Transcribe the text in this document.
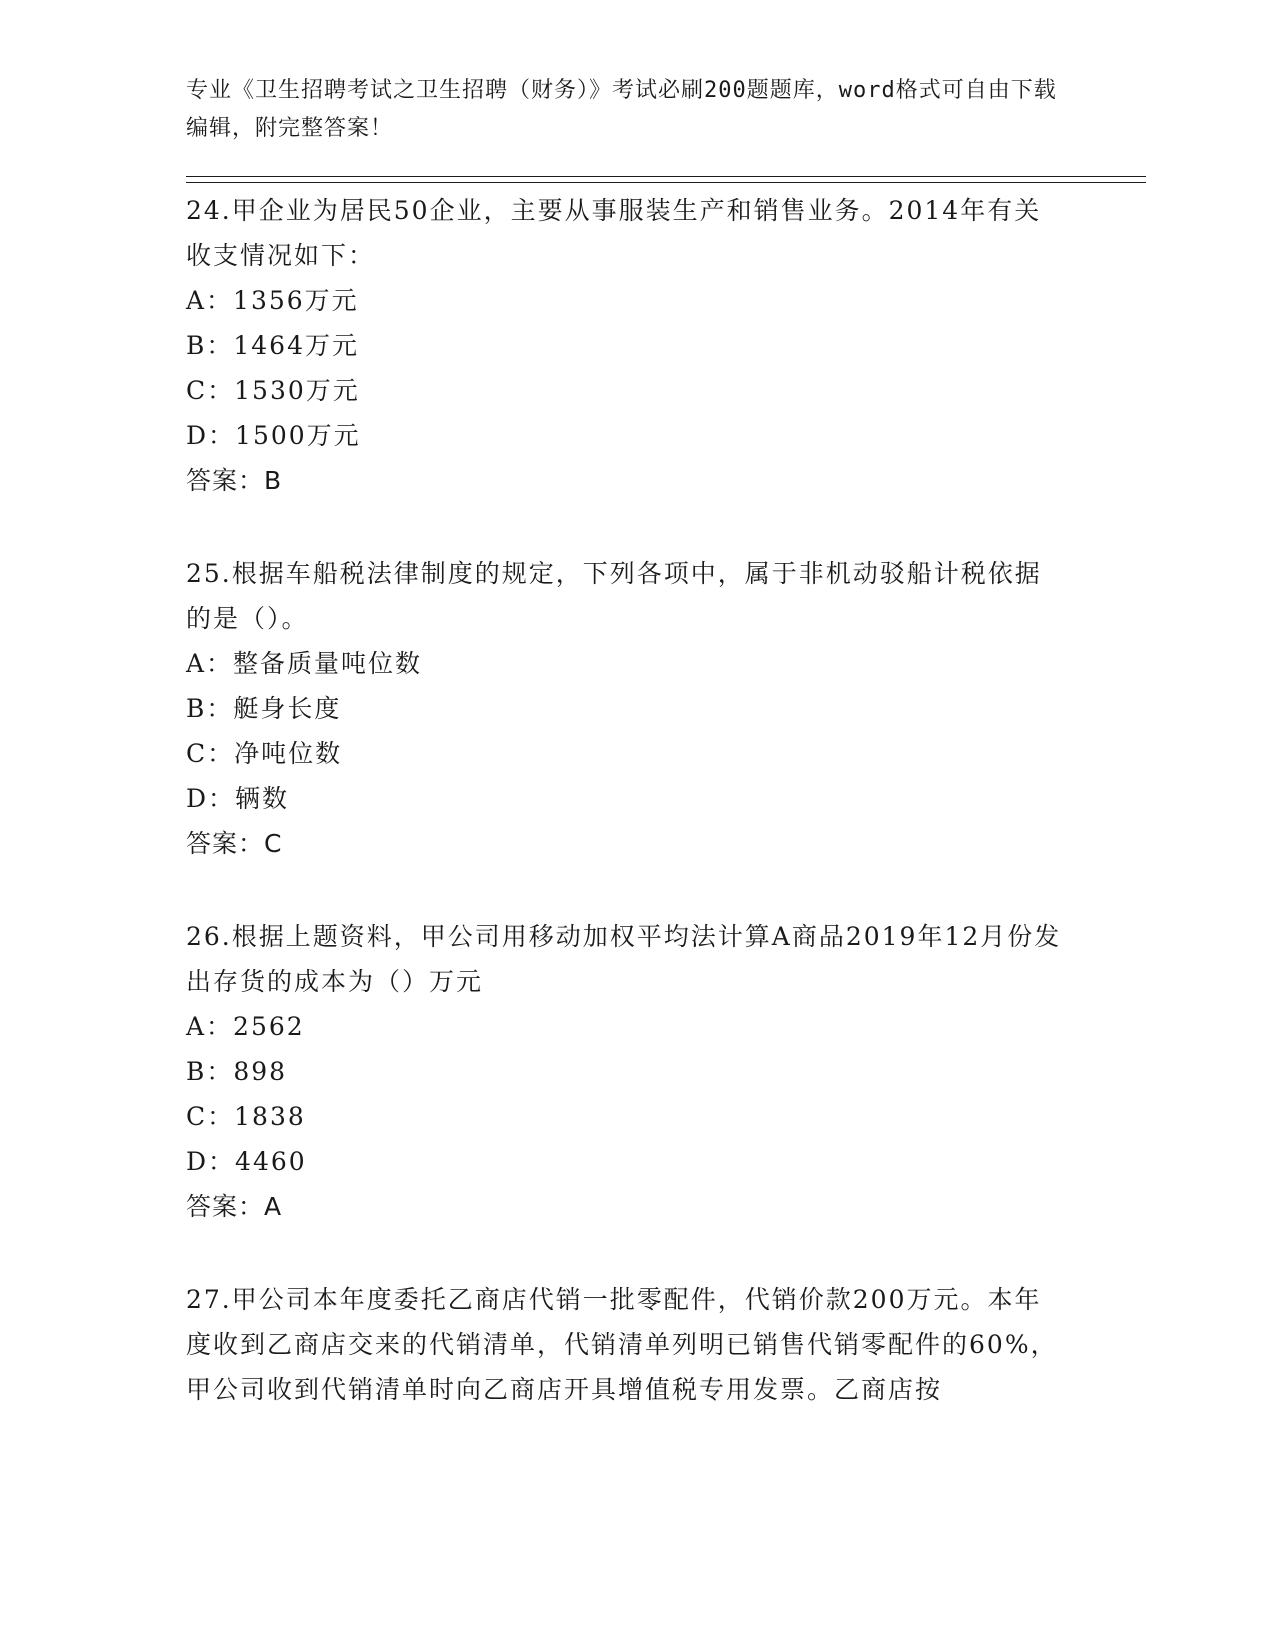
专业《卫生招聘考试之卫生招聘（财务）》考试必刷200题题库，word格式可自由下载编辑，附完整答案！
24.甲企业为居民50企业，主要从事服装生产和销售业务。2014年有关收支情况如下：
A：1356万元
B：1464万元
C：1530万元
D：1500万元
答案：B
25.根据车船税法律制度的规定，下列各项中，属于非机动驳船计税依据的是（）。
A：整备质量吨位数
B：艇身长度
C：净吨位数
D：辆数
答案：C
26.根据上题资料，甲公司用移动加权平均法计算A商品2019年12月份发出存货的成本为（）万元
A：2562
B：898
C：1838
D：4460
答案：A
27.甲公司本年度委托乙商店代销一批零配件，代销价款200万元。本年度收到乙商店交来的代销清单，代销清单列明已销售代销零配件的60%，甲公司收到代销清单时向乙商店开具增值税专用发票。乙商店按
